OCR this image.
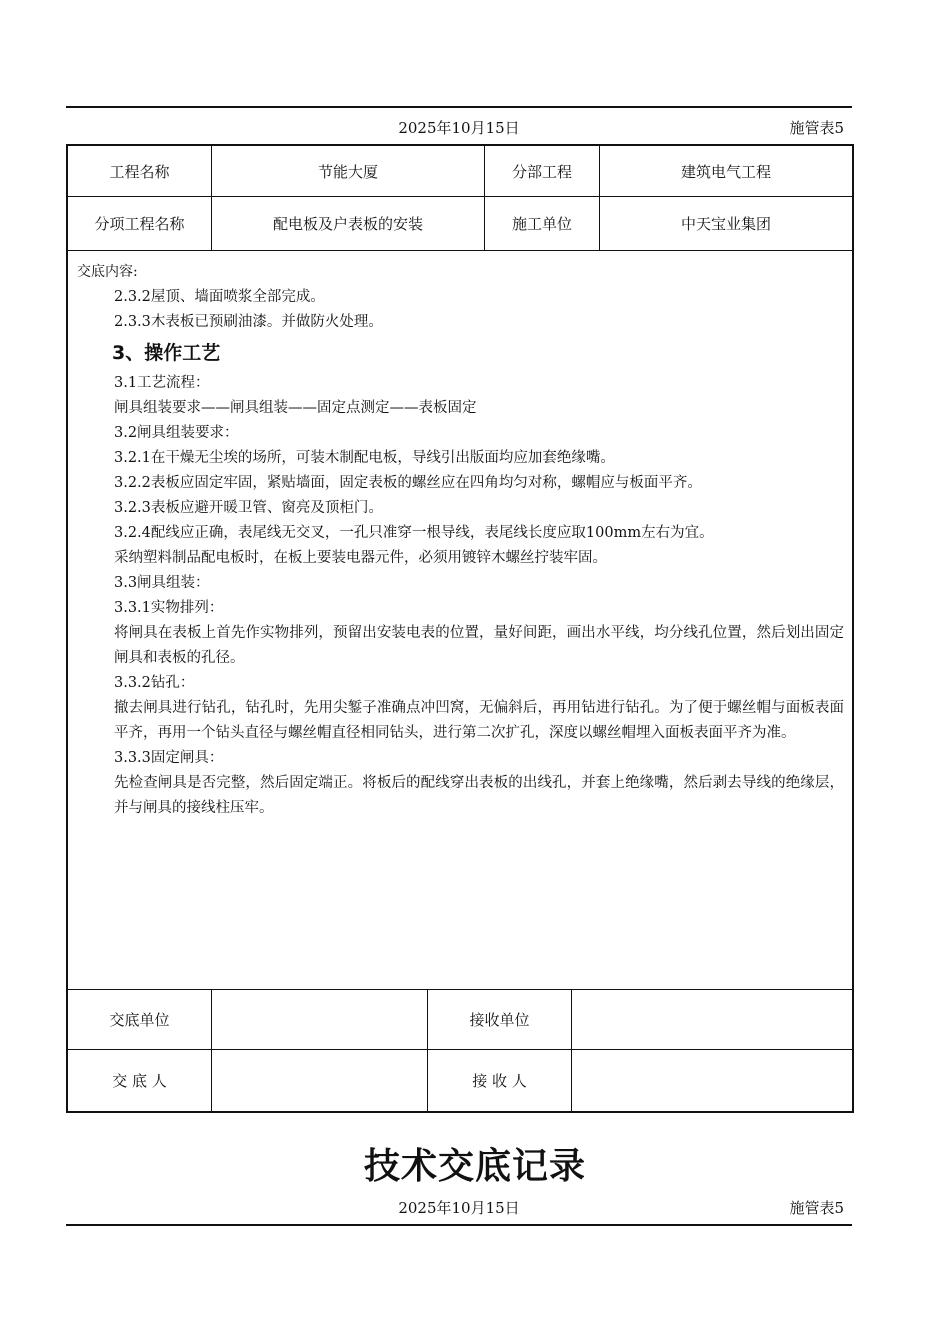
2025年10月15日	施管表5
工程名称	节能大厦	分部工程	建筑电气工程
分项工程名称	配电板及户表板的安装	施工单位	中天宝业集团
交底内容:

2.3.2屋顶、墙面喷浆全部完成。

2.3.3木表板已预刷油漆。并做防火处理。

3、操作工艺

3.1工艺流程：

闸具组装要求——闸具组装——固定点测定——表板固定

3.2闸具组装要求：

3.2.1在干燥无尘埃的场所，可装木制配电板，导线引出版面均应加套绝缘嘴。

3.2.2表板应固定牢固，紧贴墙面，固定表板的螺丝应在四角均匀对称，螺帽应与板面平齐。

3.2.3表板应避开暖卫管、窗亮及顶柜门。

3.2.4配线应正确，表尾线无交叉，一孔只准穿一根导线，表尾线长度应取100mm左右为宜。

采纳塑料制品配电板时，在板上要装电器元件，必须用镀锌木螺丝拧装牢固。

3.3闸具组装：

3.3.1实物排列：

将闸具在表板上首先作实物排列，预留出安装电表的位置，量好间距，画出水平线，均分线孔位置，然后划出固定闸具和表板的孔径。

3.3.2钻孔：

撤去闸具进行钻孔，钻孔时，先用尖錾子准确点冲凹窝，无偏斜后，再用钻进行钻孔。为了便于螺丝帽与面板表面平齐，再用一个钻头直径与螺丝帽直径相同钻头，进行第二次扩孔，深度以螺丝帽埋入面板表面平齐为准。

3.3.3固定闸具：

先检查闸具是否完整，然后固定端正。将板后的配线穿出表板的出线孔，并套上绝缘嘴，然后剥去导线的绝缘层，并与闸具的接线柱压牢。

交底单位	接收单位
交 底 人	接 收 人
技术交底记录
2025年10月15日	施管表5
